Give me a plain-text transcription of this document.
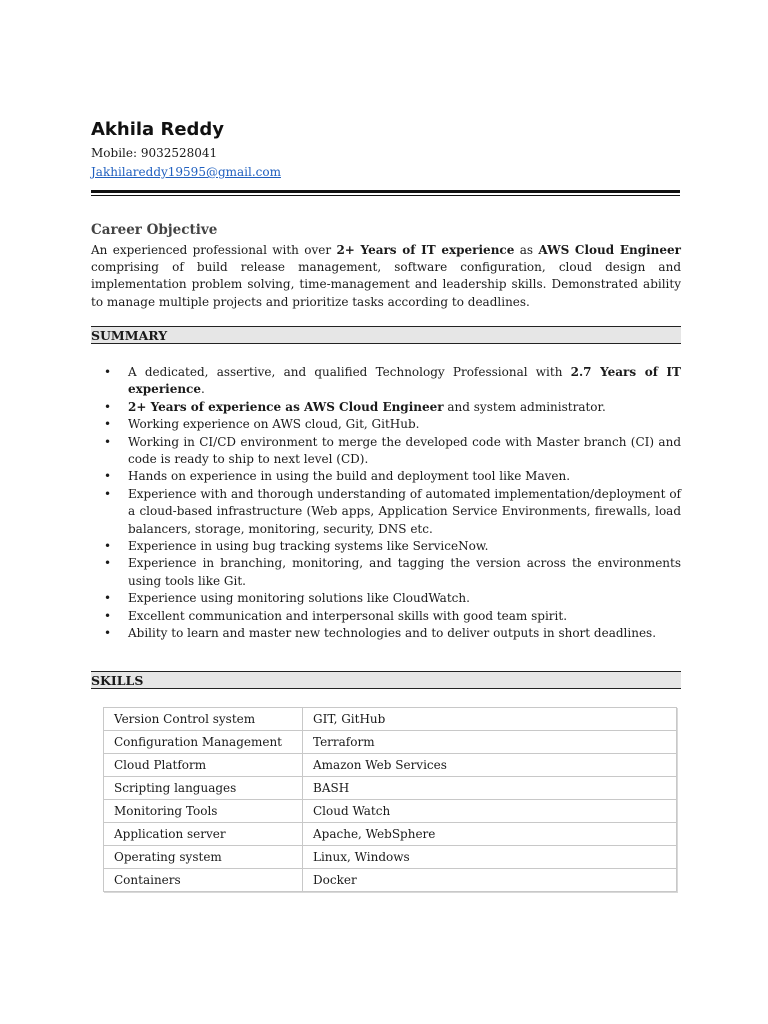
Akhila Reddy
Mobile: 9032528041
Jakhilareddy19595@gmail.com
Career Objective

An experienced professional with over 2+ Years of IT experience as AWS Cloud Engineer comprising of build release management, software configuration, cloud design and implementation problem solving, time-management and leadership skills. Demonstrated ability to manage multiple projects and prioritize tasks according to deadlines.

SUMMARY
• A dedicated, assertive, and qualified Technology Professional with 2.7 Years of IT experience.
• 2+ Years of experience as AWS Cloud Engineer and system administrator.
• Working experience on AWS cloud, Git, GitHub.
• Working in CI/CD environment to merge the developed code with Master branch (CI) and code is ready to ship to next level (CD).
• Hands on experience in using the build and deployment tool like Maven.
• Experience with and thorough understanding of automated implementation/deployment of a cloud-based infrastructure (Web apps, Application Service Environments, firewalls, load balancers, storage, monitoring, security, DNS etc.
• Experience in using bug tracking systems like ServiceNow.
• Experience in branching, monitoring, and tagging the version across the environments using tools like Git.
• Experience using monitoring solutions like CloudWatch.
• Excellent communication and interpersonal skills with good team spirit.
• Ability to learn and master new technologies and to deliver outputs in short deadlines.
SKILLS
Version Control system	GIT, GitHub
Configuration Management	Terraform
Cloud Platform	Amazon Web Services
Scripting languages	BASH
Monitoring Tools	Cloud Watch
Application server	Apache, WebSphere
Operating system	Linux, Windows
Containers	Docker
